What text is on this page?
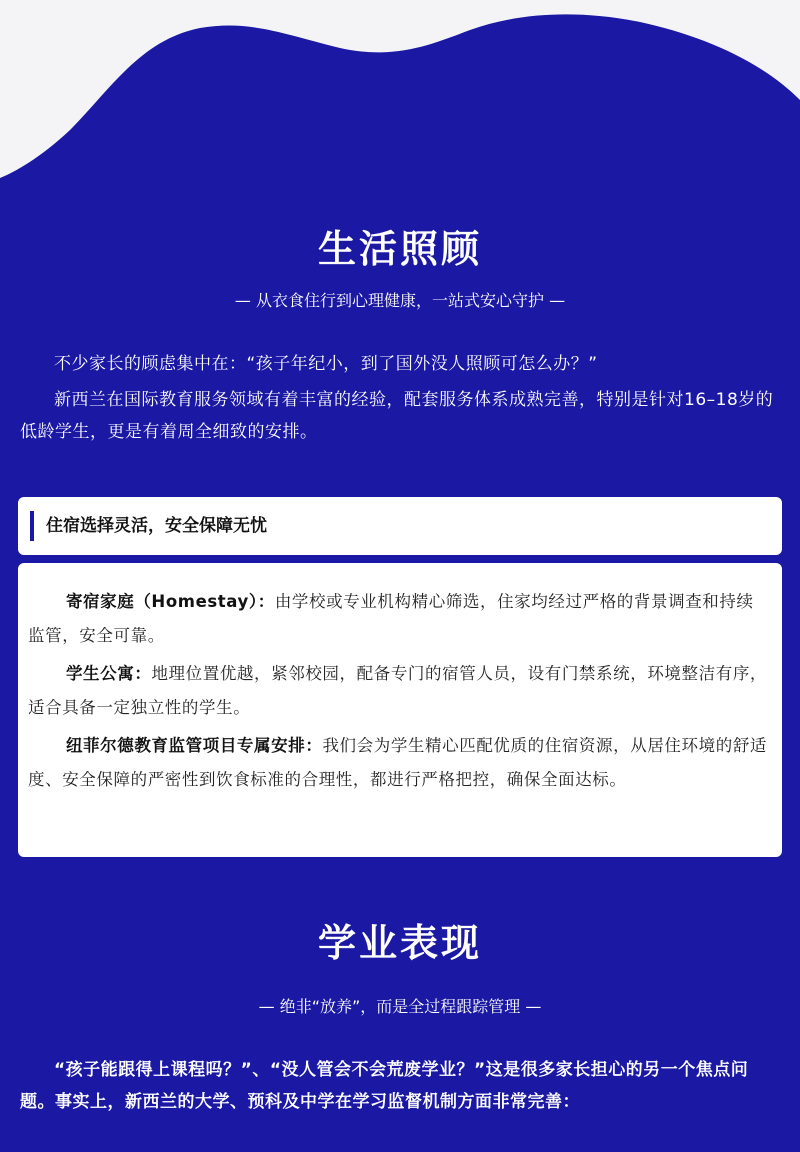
生活照顾

— 从衣食住行到心理健康，一站式安心守护 —

不少家长的顾虑集中在：“孩子年纪小，到了国外没人照顾可怎么办？”

新西兰在国际教育服务领域有着丰富的经验，配套服务体系成熟完善，特别是针对16–18岁的低龄学生，更是有着周全细致的安排。

住宿选择灵活，安全保障无忧

寄宿家庭（Homestay）：由学校或专业机构精心筛选，住家均经过严格的背景调查和持续监管，安全可靠。

学生公寓：地理位置优越，紧邻校园，配备专门的宿管人员，设有门禁系统，环境整洁有序，适合具备一定独立性的学生。

纽菲尔德教育监管项目专属安排：我们会为学生精心匹配优质的住宿资源，从居住环境的舒适度、安全保障的严密性到饮食标准的合理性，都进行严格把控，确保全面达标。

学业表现

— 绝非“放养”，而是全过程跟踪管理 —

“孩子能跟得上课程吗？”、“没人管会不会荒废学业？”这是很多家长担心的另一个焦点问题。事实上，新西兰的大学、预科及中学在学习监督机制方面非常完善：
